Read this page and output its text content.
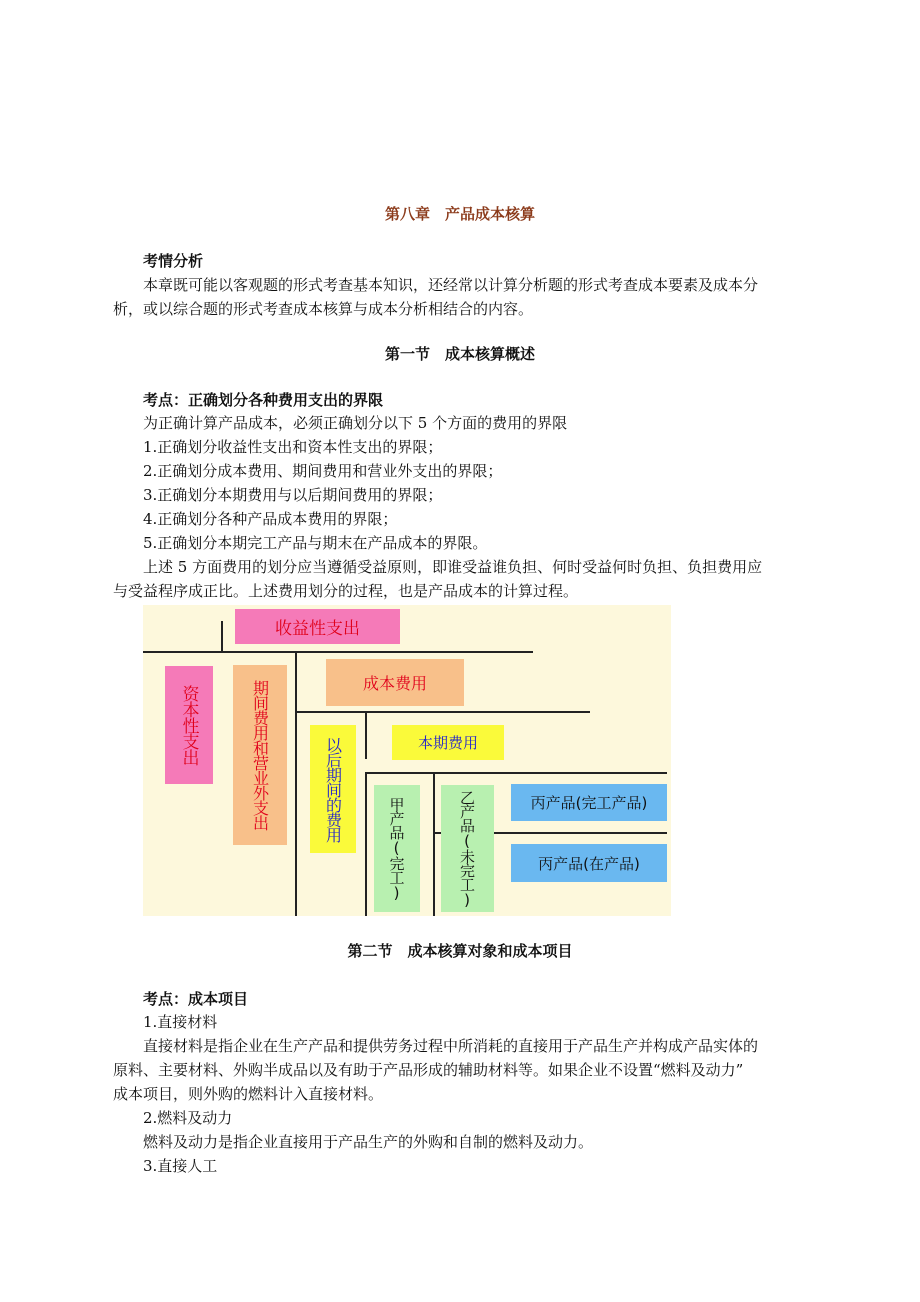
第八章　产品成本核算
考情分析
本章既可能以客观题的形式考查基本知识，还经常以计算分析题的形式考查成本要素及成本分
析，或以综合题的形式考查成本核算与成本分析相结合的内容。
第一节　成本核算概述
考点：正确划分各种费用支出的界限
为正确计算产品成本，必须正确划分以下 5 个方面的费用的界限
1.正确划分收益性支出和资本性支出的界限；
2.正确划分成本费用、期间费用和营业外支出的界限；
3.正确划分本期费用与以后期间费用的界限；
4.正确划分各种产品成本费用的界限；
5.正确划分本期完工产品与期末在产品成本的界限。
上述 5 方面费用的划分应当遵循受益原则，即谁受益谁负担、何时受益何时负担、负担费用应
与受益程序成正比。上述费用划分的过程，也是产品成本的计算过程。
收益性支出
资本性支出	期间费用和营业外支出	成本费用
以后期间的费用	本期费用
甲产品(完工)	乙产品(未完工)	丙产品(完工产品)
丙产品(在产品)
第二节　成本核算对象和成本项目
考点：成本项目
1.直接材料
直接材料是指企业在生产产品和提供劳务过程中所消耗的直接用于产品生产并构成产品实体的
原料、主要材料、外购半成品以及有助于产品形成的辅助材料等。如果企业不设置“燃料及动力”
成本项目，则外购的燃料计入直接材料。
2.燃料及动力
燃料及动力是指企业直接用于产品生产的外购和自制的燃料及动力。
3.直接人工
